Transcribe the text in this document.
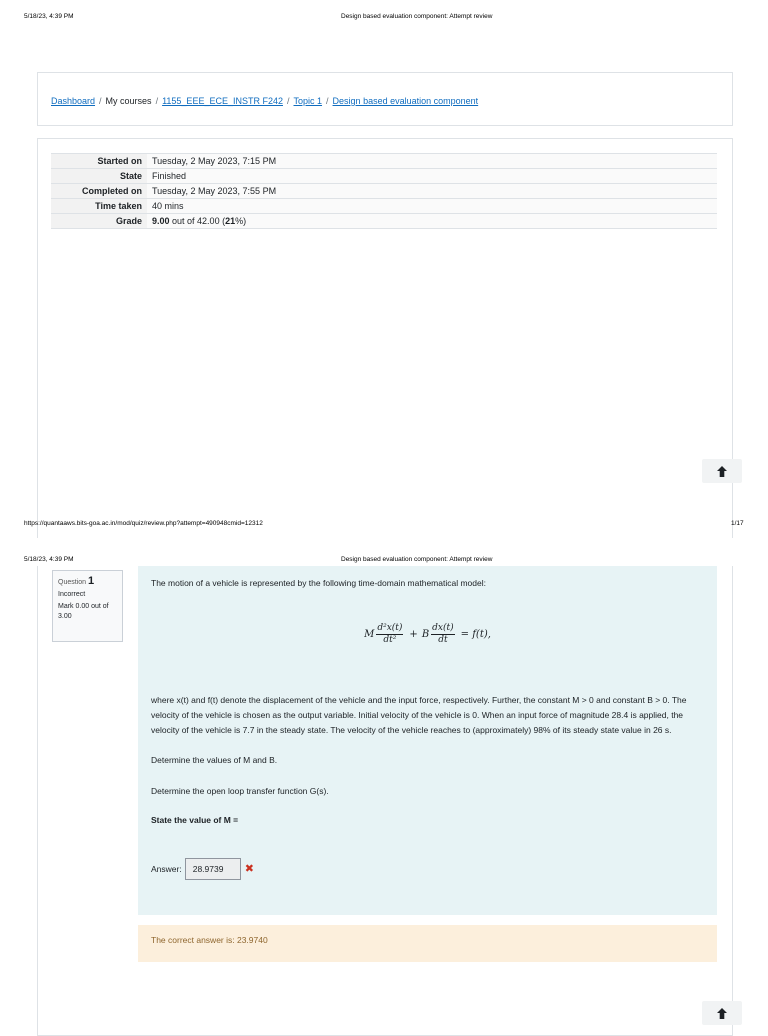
5/18/23, 4:39 PM	Design based evaluation component: Attempt review
Dashboard / My courses / 1155_EEE_ECE_INSTR F242 / Topic 1 / Design based evaluation component
Started on	Tuesday, 2 May 2023, 7:15 PM
State	Finished
Completed on	Tuesday, 2 May 2023, 7:55 PM
Time taken	40 mins
Grade	9.00 out of 42.00 (21%)
https://quantaaws.bits-goa.ac.in/mod/quiz/review.php?attempt=490948cmid=12312	1/17
5/18/23, 4:39 PM	Design based evaluation component: Attempt review
Question 1
Incorrect
Mark 0.00 out of 3.00

The motion of a vehicle is represented by the following time-domain mathematical model:

M $\frac{\text{d²x(t)}}{\text{dt²}} + B \frac{dx(t)}{dt} = f(t)$,

where x(t) and f(t) denote the displacement of the vehicle and the input force, respectively. Further, the constant M > 0 and constant B > 0. The velocity of the vehicle is chosen as the output variable. Initial velocity of the vehicle is 0. When an input force of magnitude 28.4 is applied, the velocity of the vehicle is 7.7 in the steady state. The velocity of the vehicle reaches to (approximately) 98% of its steady state value in 26 s.

Determine the values of M and B.

Determine the open loop transfer function G(s).

State the value of M =

Answer:	28.9739	✖
The correct answer is: 23.9740
